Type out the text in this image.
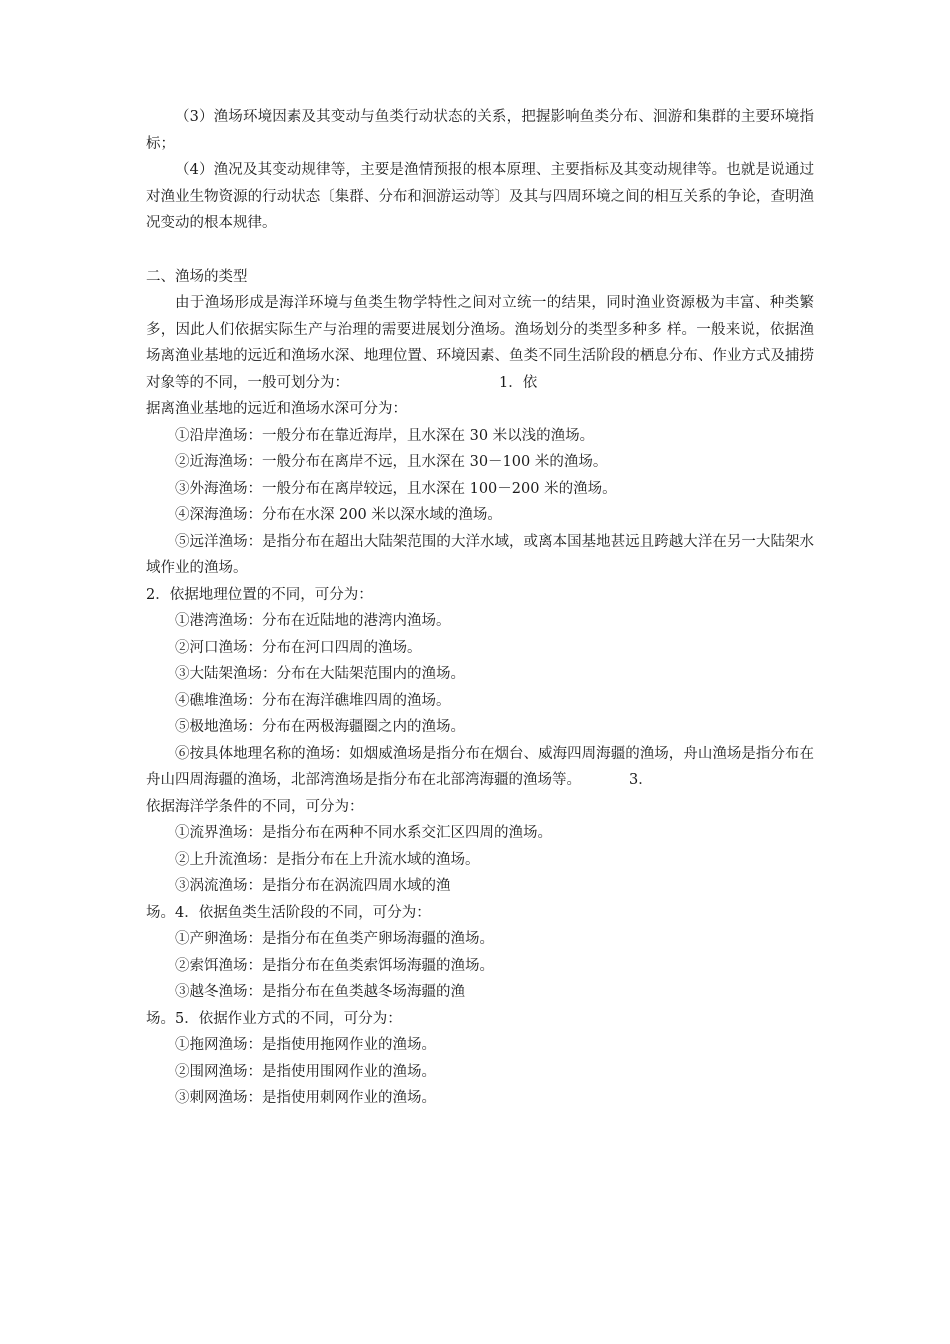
（3）渔场环境因素及其变动与鱼类行动状态的关系，把握影响鱼类分布、洄游和集群的主要环境指标；

（4）渔况及其变动规律等，主要是渔情预报的根本原理、主要指标及其变动规律等。也就是说通过对渔业生物资源的行动状态〔集群、分布和洄游运动等〕及其与四周环境之间的相互关系的争论，查明渔况变动的根本规律。

二、渔场的类型

由于渔场形成是海洋环境与鱼类生物学特性之间对立统一的结果，同时渔业资源极为丰富、种类繁多，因此人们依据实际生产与治理的需要进展划分渔场。渔场划分的类型多种多 样。一般来说，依据渔场离渔业基地的远近和渔场水深、地理位置、环境因素、鱼类不同生活阶段的栖息分布、作业方式及捕捞对象等的不同，一般可划分为：	1．依

据离渔业基地的远近和渔场水深可分为：

①沿岸渔场：一般分布在靠近海岸，且水深在 30 米以浅的渔场。

②近海渔场：一般分布在离岸不远，且水深在 30－100 米的渔场。

③外海渔场：一般分布在离岸较远，且水深在 100－200 米的渔场。

④深海渔场：分布在水深 200 米以深水域的渔场。

⑤远洋渔场：是指分布在超出大陆架范围的大洋水域，或离本国基地甚远且跨越大洋在另一大陆架水域作业的渔场。

2．依据地理位置的不同，可分为：

①港湾渔场：分布在近陆地的港湾内渔场。

②河口渔场：分布在河口四周的渔场。

③大陆架渔场：分布在大陆架范围内的渔场。

④礁堆渔场：分布在海洋礁堆四周的渔场。

⑤极地渔场：分布在两极海疆圈之内的渔场。

⑥按具体地理名称的渔场：如烟威渔场是指分布在烟台、威海四周海疆的渔场，舟山渔场是指分布在舟山四周海疆的渔场，北部湾渔场是指分布在北部湾海疆的渔场等。	3．

依据海洋学条件的不同，可分为：

①流界渔场：是指分布在两种不同水系交汇区四周的渔场。

②上升流渔场：是指分布在上升流水域的渔场。

③涡流渔场：是指分布在涡流四周水域的渔

场。4．依据鱼类生活阶段的不同，可分为：

①产卵渔场：是指分布在鱼类产卵场海疆的渔场。

②索饵渔场：是指分布在鱼类索饵场海疆的渔场。

③越冬渔场：是指分布在鱼类越冬场海疆的渔

场。5．依据作业方式的不同，可分为：

①拖网渔场：是指使用拖网作业的渔场。

②围网渔场：是指使用围网作业的渔场。

③刺网渔场：是指使用刺网作业的渔场。
